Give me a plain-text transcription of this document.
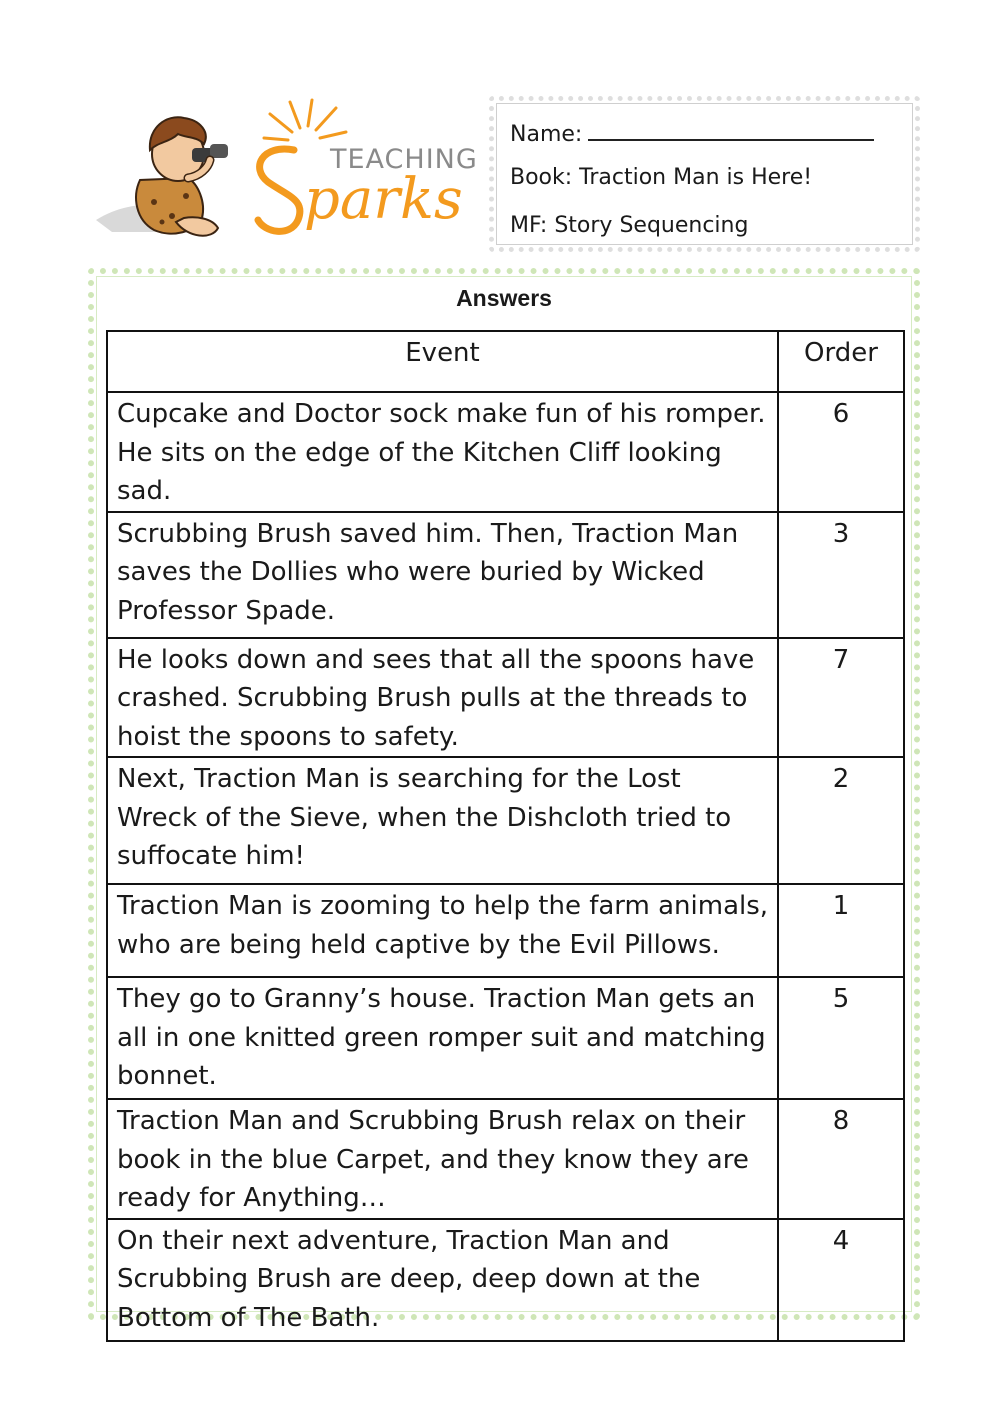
parks
TEACHING
Name:
Book: Traction Man is Here!
MF: Story Sequencing
Answers
Event	Order
Cupcake and Doctor sock make fun of his romper. He sits on the edge of the Kitchen Cliff looking sad.	6
Scrubbing Brush saved him. Then, Traction Man saves the Dollies who were buried by Wicked Professor Spade.	3
He looks down and sees that all the spoons have crashed. Scrubbing Brush pulls at the threads to hoist the spoons to safety.	7
Next, Traction Man is searching for the Lost Wreck of the Sieve, when the Dishcloth tried to suffocate him!	2
Traction Man is zooming to help the farm animals, who are being held captive by the Evil Pillows.	1
They go to Granny’s house. Traction Man gets an all in one knitted green romper suit and matching bonnet.	5
Traction Man and Scrubbing Brush relax on their book in the blue Carpet, and they know they are ready for Anything…	8
On their next adventure, Traction Man and Scrubbing Brush are deep, deep down at the Bottom of The Bath.	4
